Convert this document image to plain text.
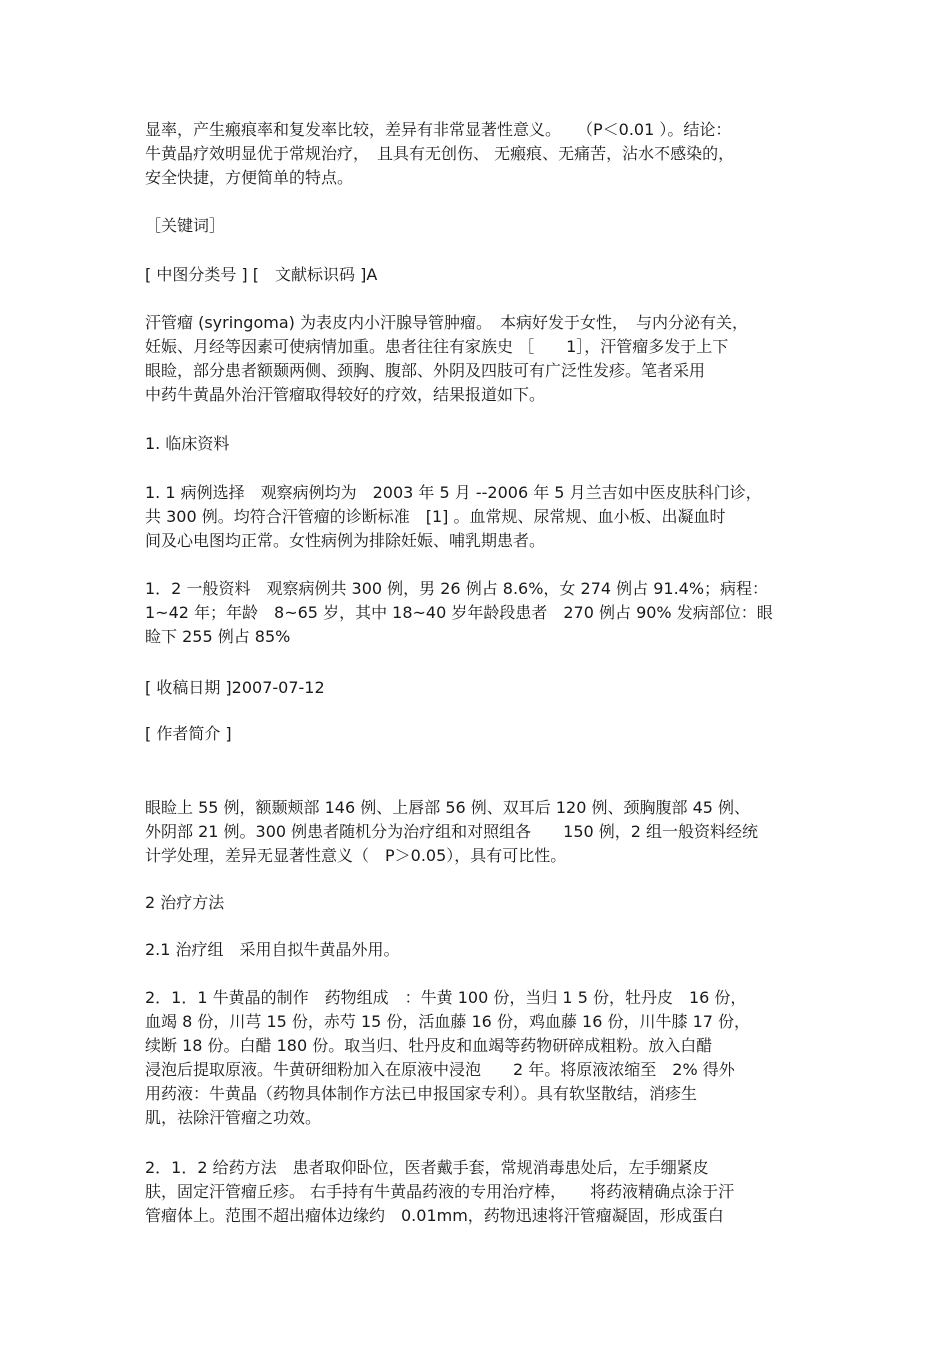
显率，产生瘢痕率和复发率比较，差异有非常显著性意义。　　（P＜0.01 ）。结论：
牛黄晶疗效明显优于常规治疗，　且具有无创伤、 无瘢痕、无痛苦，沾水不感染的，
安全快捷，方便简单的特点。
［关键词］
[ 中图分类号 ] [　文献标识码 ]A
汗管瘤 (syringoma) 为表皮内小汗腺导管肿瘤。　本病好发于女性，　与内分泌有关，
妊娠、月经等因素可使病情加重。患者往往有家族史 ［　　1］，汗管瘤多发于上下
眼睑，部分患者额颞两侧、颈胸、腹部、外阴及四肢可有广泛性发疹。笔者采用
中药牛黄晶外治汗管瘤取得较好的疗效，结果报道如下。
1. 临床资料
1. 1 病例选择　观察病例均为　2003 年 5 月 --2006 年 5 月兰吉如中医皮肤科门诊，
共 300 例。均符合汗管瘤的诊断标准　[1] 。血常规、尿常规、血小板、出凝血时
间及心电图均正常。女性病例为排除妊娠、哺乳期患者。
1．2 一般资料　观察病例共 300 例，男 26 例占 8.6%，女 274 例占 91.4%；病程：
1~42 年；年龄　8~65 岁，其中 18~40 岁年龄段患者　270 例占 90% 发病部位：眼
睑下 255 例占 85%
[ 收稿日期 ]2007-07-12
[ 作者简介 ]
眼睑上 55 例，额颞颊部 146 例、上唇部 56 例、双耳后 120 例、颈胸腹部 45 例、
外阴部 21 例。300 例患者随机分为治疗组和对照组各　　150 例，2 组一般资料经统
计学处理，差异无显著性意义（　P＞0.05），具有可比性。
2 治疗方法
2.1 治疗组　采用自拟牛黄晶外用。
2．1．1 牛黄晶的制作　药物组成　：牛黄 100 份，当归 1 5 份，牡丹皮　16 份，
血竭 8 份，川芎 15 份，赤芍 15 份，活血藤 16 份，鸡血藤 16 份，川牛膝 17 份，
续断 18 份。白醋 180 份。取当归、牡丹皮和血竭等药物研碎成粗粉。放入白醋
浸泡后提取原液。牛黄研细粉加入在原液中浸泡　　2 年。将原液浓缩至　2% 得外
用药液：牛黄晶（药物具体制作方法已申报国家专利）。具有软坚散结，消疹生
肌，祛除汗管瘤之功效。
2．1．2 给药方法　患者取仰卧位，医者戴手套，常规消毒患处后，左手绷紧皮
肤，固定汗管瘤丘疹。 右手持有牛黄晶药液的专用治疗棒，　　将药液精确点涂于汗
管瘤体上。范围不超出瘤体边缘约　0.01mm，药物迅速将汗管瘤凝固，形成蛋白
